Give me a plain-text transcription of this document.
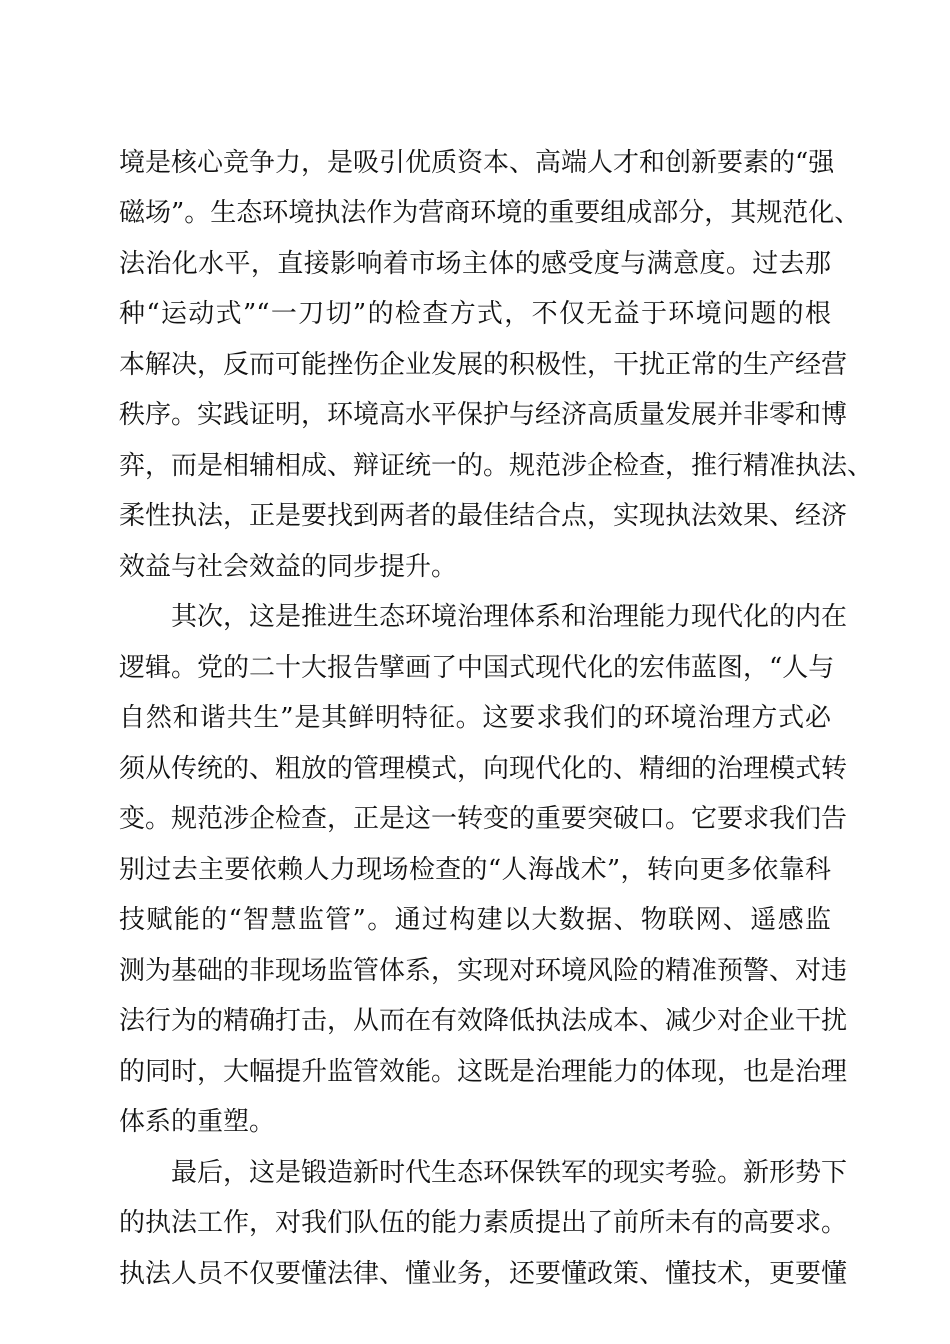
境是核心竞争力，是吸引优质资本、高端人才和创新要素的“强
磁场”。生态环境执法作为营商环境的重要组成部分，其规范化、
法治化水平，直接影响着市场主体的感受度与满意度。过去那
种“运动式”“一刀切”的检查方式，不仅无益于环境问题的根
本解决，反而可能挫伤企业发展的积极性，干扰正常的生产经营
秩序。实践证明，环境高水平保护与经济高质量发展并非零和博
弈，而是相辅相成、辩证统一的。规范涉企检查，推行精准执法、
柔性执法，正是要找到两者的最佳结合点，实现执法效果、经济
效益与社会效益的同步提升。
其次，这是推进生态环境治理体系和治理能力现代化的内在
逻辑。党的二十大报告擘画了中国式现代化的宏伟蓝图，“人与
自然和谐共生”是其鲜明特征。这要求我们的环境治理方式必
须从传统的、粗放的管理模式，向现代化的、精细的治理模式转
变。规范涉企检查，正是这一转变的重要突破口。它要求我们告
别过去主要依赖人力现场检查的“人海战术”，转向更多依靠科
技赋能的“智慧监管”。通过构建以大数据、物联网、遥感监
测为基础的非现场监管体系，实现对环境风险的精准预警、对违
法行为的精确打击，从而在有效降低执法成本、减少对企业干扰
的同时，大幅提升监管效能。这既是治理能力的体现，也是治理
体系的重塑。
最后，这是锻造新时代生态环保铁军的现实考验。新形势下
的执法工作，对我们队伍的能力素质提出了前所未有的高要求。
执法人员不仅要懂法律、懂业务，还要懂政策、懂技术，更要懂
